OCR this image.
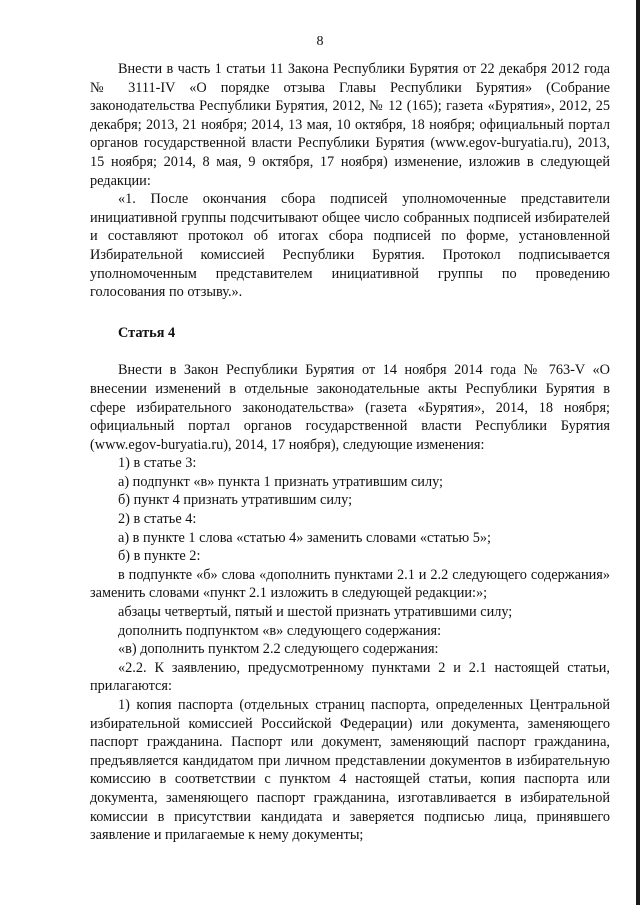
8

Внести в часть 1 статьи 11 Закона Республики Бурятия от 22 декабря 2012 года № 3111-IV «О порядке отзыва Главы Республики Бурятия» (Собрание законодательства Республики Бурятия, 2012, № 12 (165); газета «Бурятия», 2012, 25 декабря; 2013, 21 ноября; 2014, 13 мая, 10 октября, 18 ноября; официальный портал органов государственной власти Республики Бурятия (www.egov-buryatia.ru), 2013, 15 ноября; 2014, 8 мая, 9 октября, 17 ноября) изменение, изложив в следующей редакции:

«1. После окончания сбора подписей уполномоченные представители инициативной группы подсчитывают общее число собранных подписей избирателей и составляют протокол об итогах сбора подписей по форме, установленной Избирательной комиссией Республики Бурятия. Протокол подписывается уполномоченным представителем инициативной группы по проведению голосования по отзыву.».

Статья 4

Внести в Закон Республики Бурятия от 14 ноября 2014 года № 763-V «О внесении изменений в отдельные законодательные акты Республики Бурятия в сфере избирательного законодательства» (газета «Бурятия», 2014, 18 ноября; официальный портал органов государственной власти Республики Бурятия (www.egov-buryatia.ru), 2014, 17 ноября), следующие изменения:

1) в статье 3:

а) подпункт «в» пункта 1 признать утратившим силу;

б) пункт 4 признать утратившим силу;

2) в статье 4:

а) в пункте 1 слова «статью 4» заменить словами «статью 5»;

б) в пункте 2:

в подпункте «б» слова «дополнить пунктами 2.1 и 2.2 следующего содержания» заменить словами «пункт 2.1 изложить в следующей редакции:»;

абзацы четвертый, пятый и шестой признать утратившими силу;

дополнить подпунктом «в» следующего содержания:

«в) дополнить пунктом 2.2 следующего содержания:

«2.2. К заявлению, предусмотренному пунктами 2 и 2.1 настоящей статьи, прилагаются:

1) копия паспорта (отдельных страниц паспорта, определенных Центральной избирательной комиссией Российской Федерации) или документа, заменяющего паспорт гражданина. Паспорт или документ, заменяющий паспорт гражданина, предъявляется кандидатом при личном представлении документов в избирательную комиссию в соответствии с пунктом 4 настоящей статьи, копия паспорта или документа, заменяющего паспорт гражданина, изготавливается в избирательной комиссии в присутствии кандидата и заверяется подписью лица, принявшего заявление и прилагаемые к нему документы;
